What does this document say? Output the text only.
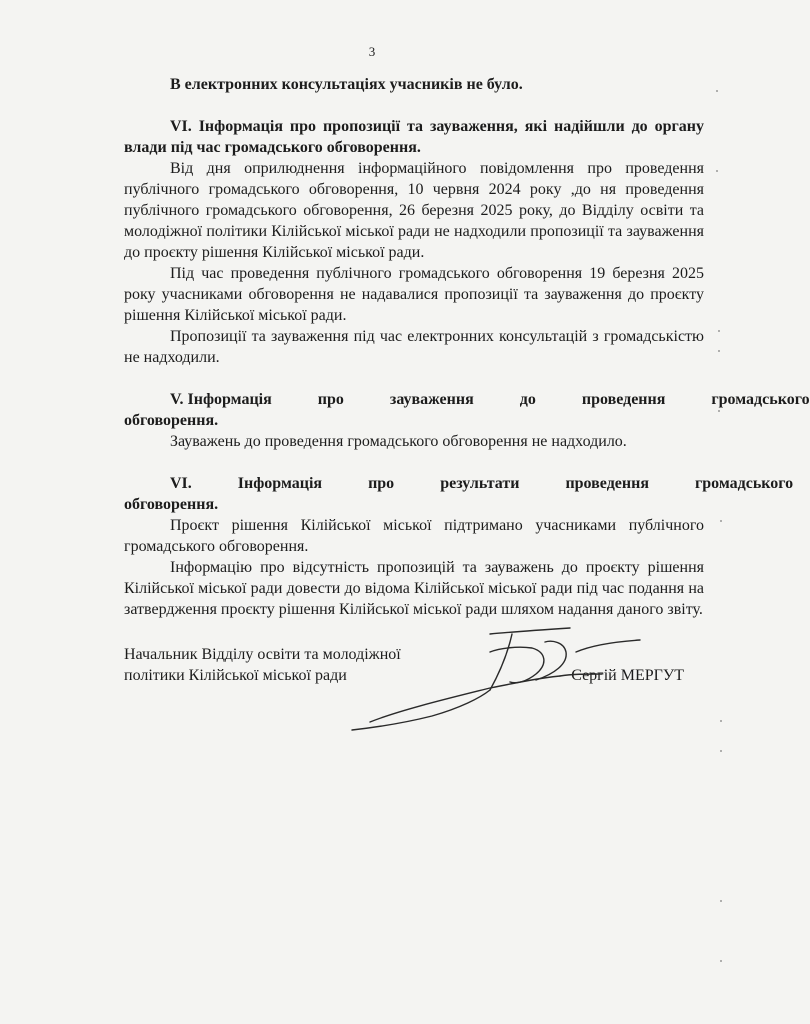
3

В електронних консультаціях учасників не було.

VI. Інформація про пропозиції та зауваження, які надійшли до органу влади під час громадського обговорення.

Від дня оприлюднення інформаційного повідомлення про проведення публічного громадського обговорення, 10 червня 2024 року ,до ня проведення публічного громадського обговорення, 26 березня 2025 року, до Відділу освіти та молодіжної політики Кілійської міської ради не надходили пропозиції та зауваження до проєкту рішення Кілійської міської ради.

Під час проведення публічного громадського обговорення 19 березня 2025 року учасниками обговорення не надавалися пропозиції та зауваження до проєкту рішення Кілійської міської ради.

Пропозиції та зауваження під час електронних консультацій з громадськістю не надходили.

V. Інформація	про	зауваження	до	проведення	громадського

обговорення.

Зауважень до проведення громадського обговорення не надходило.

VI.	Інформація	про	результати	проведення	громадського

обговорення.

Проєкт рішення Кілійської міської підтримано учасниками публічного громадського обговорення.

Інформацію про відсутність пропозицій та зауважень до проєкту рішення Кілійської міської ради довести до відома Кілійської міської ради під час подання на затвердження проєкту рішення Кілійської міської ради шляхом надання даного звіту.

Начальник Відділу освіти та молодіжної
політики Кілійської міської ради	Сергій МЕРГУТ
